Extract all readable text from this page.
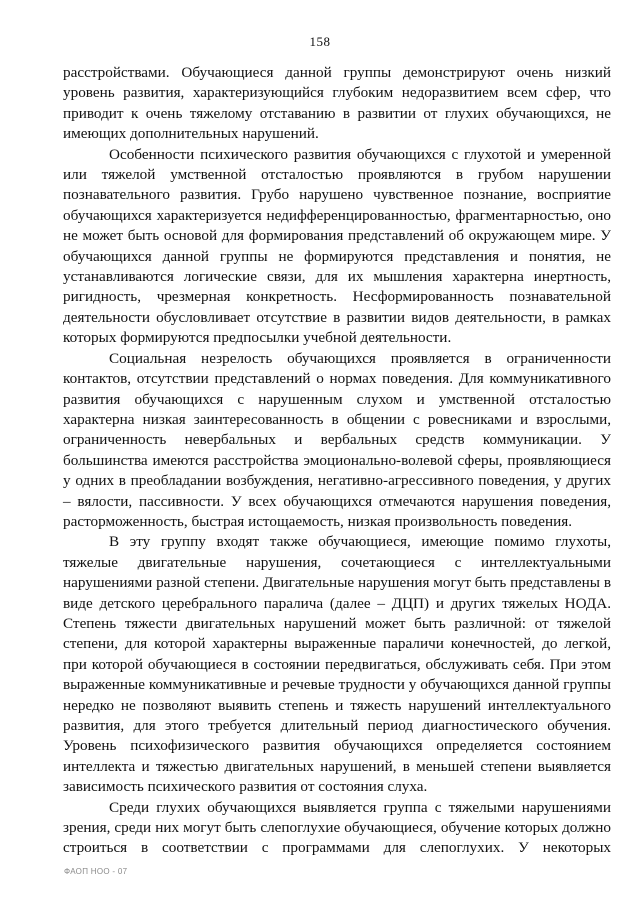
158

расстройствами. Обучающиеся данной группы демонстрируют очень низкий уровень развития, характеризующийся глубоким недоразвитием всем сфер, что приводит к очень тяжелому отставанию в развитии от глухих обучающихся, не имеющих дополнительных нарушений.

Особенности психического развития обучающихся с глухотой и умеренной или тяжелой умственной отсталостью проявляются в грубом нарушении познавательного развития. Грубо нарушено чувственное познание, восприятие обучающихся характеризуется недифференцированностью, фрагментарностью, оно не может быть основой для формирования представлений об окружающем мире. У обучающихся данной группы не формируются представления и понятия, не устанавливаются логические связи, для их мышления характерна инертность, ригидность, чрезмерная конкретность. Несформированность познавательной деятельности обусловливает отсутствие в развитии видов деятельности, в рамках которых формируются предпосылки учебной деятельности.

Социальная незрелость обучающихся проявляется в ограниченности контактов, отсутствии представлений о нормах поведения. Для коммуникативного развития обучающихся с нарушенным слухом и умственной отсталостью характерна низкая заинтересованность в общении с ровесниками и взрослыми, ограниченность невербальных и вербальных средств коммуникации. У большинства имеются расстройства эмоционально-волевой сферы, проявляющиеся у одних в преобладании возбуждения, негативно-агрессивного поведения, у других – вялости, пассивности. У всех обучающихся отмечаются нарушения поведения, расторможенность, быстрая истощаемость, низкая произвольность поведения.

В эту группу входят также обучающиеся, имеющие помимо глухоты, тяжелые двигательные нарушения, сочетающиеся с интеллектуальными нарушениями разной степени. Двигательные нарушения могут быть представлены в виде детского церебрального паралича (далее – ДЦП) и других тяжелых НОДА. Степень тяжести двигательных нарушений может быть различной: от тяжелой степени, для которой характерны выраженные параличи конечностей, до легкой, при которой обучающиеся в состоянии передвигаться, обслуживать себя. При этом выраженные коммуникативные и речевые трудности у обучающихся данной группы нередко не позволяют выявить степень и тяжесть нарушений интеллектуального развития, для этого требуется длительный период диагностического обучения. Уровень психофизического развития обучающихся определяется состоянием интеллекта и тяжестью двигательных нарушений, в меньшей степени выявляется зависимость психического развития от состояния слуха.

Среди глухих обучающихся выявляется группа с тяжелыми нарушениями зрения, среди них могут быть слепоглухие обучающиеся, обучение которых должно строиться в соответствии с программами для слепоглухих. У некоторых

ФАОП НОО - 07
